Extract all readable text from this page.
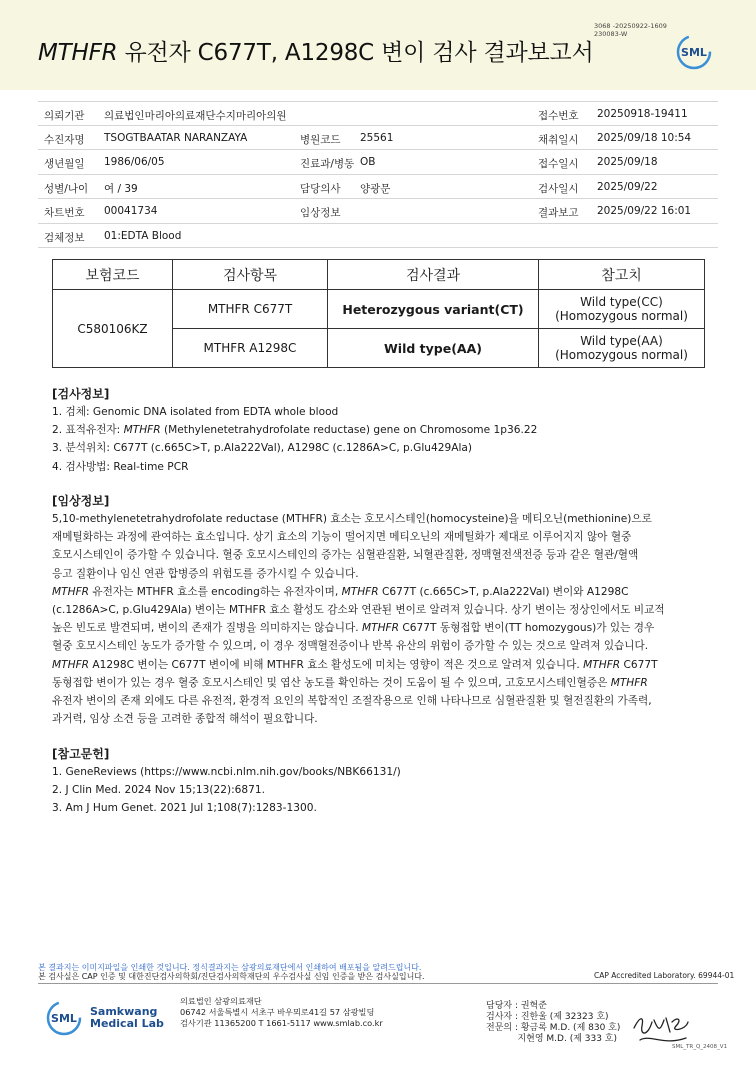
3068 -20250922-1609
230083-W
MTHFR 유전자 C677T, A1298C 변이 검사 결과보고서	SML
의뢰기관 의료법인마리아의료재단수지마리아의원	접수번호 20250918-19411
수진자명 TSOGTBAATAR NARANZAYA	병원코드 25561	채취일시 2025/09/18 10:54
생년월일 1986/06/05	진료과/병동 OB	접수일시 2025/09/18
성별/나이 여 / 39	담당의사 양광문	검사일시 2025/09/22
차트번호 00041734	임상정보	결과보고 2025/09/22 16:01
검체정보 01:EDTA Blood
보험코드	검사항목	검사결과	참고치
C580106KZ	MTHFR C677T	Heterozygous variant(CT)	Wild type(CC)
(Homozygous normal)
	MTHFR A1298C	Wild type(AA)	Wild type(AA)
(Homozygous normal)
[검사정보]

1. 검체: Genomic DNA isolated from EDTA whole blood

2. 표적유전자: MTHFR (Methylenetetrahydrofolate reductase) gene on Chromosome 1p36.22

3. 분석위치: C677T (c.665C>T, p.Ala222Val), A1298C (c.1286A>C, p.Glu429Ala)

4. 검사방법: Real-time PCR

[임상정보]

5,10-methylenetetrahydrofolate reductase (MTHFR) 효소는 호모시스테인(homocysteine)을 메티오닌(methionine)으로

재메틸화하는 과정에 관여하는 효소입니다. 상기 효소의 기능이 떨어지면 메티오닌의 재메틸화가 제대로 이루어지지 않아 혈중

호모시스테인이 증가할 수 있습니다. 혈중 호모시스테인의 증가는 심혈관질환, 뇌혈관질환, 정맥혈전색전증 등과 같은 혈관/혈액

응고 질환이나 임신 연관 합병증의 위험도를 증가시킬 수 있습니다.

MTHFR 유전자는 MTHFR 효소를 encoding하는 유전자이며, MTHFR C677T (c.665C>T, p.Ala222Val) 변이와 A1298C

(c.1286A>C, p.Glu429Ala) 변이는 MTHFR 효소 활성도 감소와 연관된 변이로 알려져 있습니다. 상기 변이는 정상인에서도 비교적

높은 빈도로 발견되며, 변이의 존재가 질병을 의미하지는 않습니다. MTHFR C677T 동형접합 변이(TT homozygous)가 있는 경우

혈중 호모시스테인 농도가 증가할 수 있으며, 이 경우 정맥혈전증이나 반복 유산의 위험이 증가할 수 있는 것으로 알려져 있습니다.

MTHFR A1298C 변이는 C677T 변이에 비해 MTHFR 효소 활성도에 미치는 영향이 적은 것으로 알려져 있습니다. MTHFR C677T

동형접합 변이가 있는 경우 혈중 호모시스테인 및 엽산 농도를 확인하는 것이 도움이 될 수 있으며, 고호모시스테인혈증은 MTHFR

유전자 변이의 존재 외에도 다른 유전적, 환경적 요인의 복합적인 조절작용으로 인해 나타나므로 심혈관질환 및 혈전질환의 가족력,

과거력, 임상 소견 등을 고려한 종합적 해석이 필요합니다.

[참고문헌]

1. GeneReviews (https://www.ncbi.nlm.nih.gov/books/NBK66131/)

2. J Clin Med. 2024 Nov 15;13(22):6871.

3. Am J Hum Genet. 2021 Jul 1;108(7):1283-1300.

본 결과지는 이미지파일을 인쇄한 것입니다. 정식결과지는 삼광의료재단에서 인쇄하여 배포됨을 알려드립니다.
본 검사실은 CAP 인증 및 대한진단검사의학회/진단검사의학재단의 우수검사실 신임 인증을 받은 검사실입니다.	CAP Accredited Laboratory. 69944-01
SML
Samkwang
Medical Lab
의료법인 삼광의료재단
06742 서울특별시 서초구 바우뫼로41길 57 삼광빌딩
검사기관 11365200 T 1661-5117 www.smlab.co.kr
담당자 : 권혁준
검사자 : 진한울 (제 32323 호)
전문의 : 황금록 M.D. (제 830 호)
지현영 M.D. (제 333 호)
SML_TR_Q_2408_V1
